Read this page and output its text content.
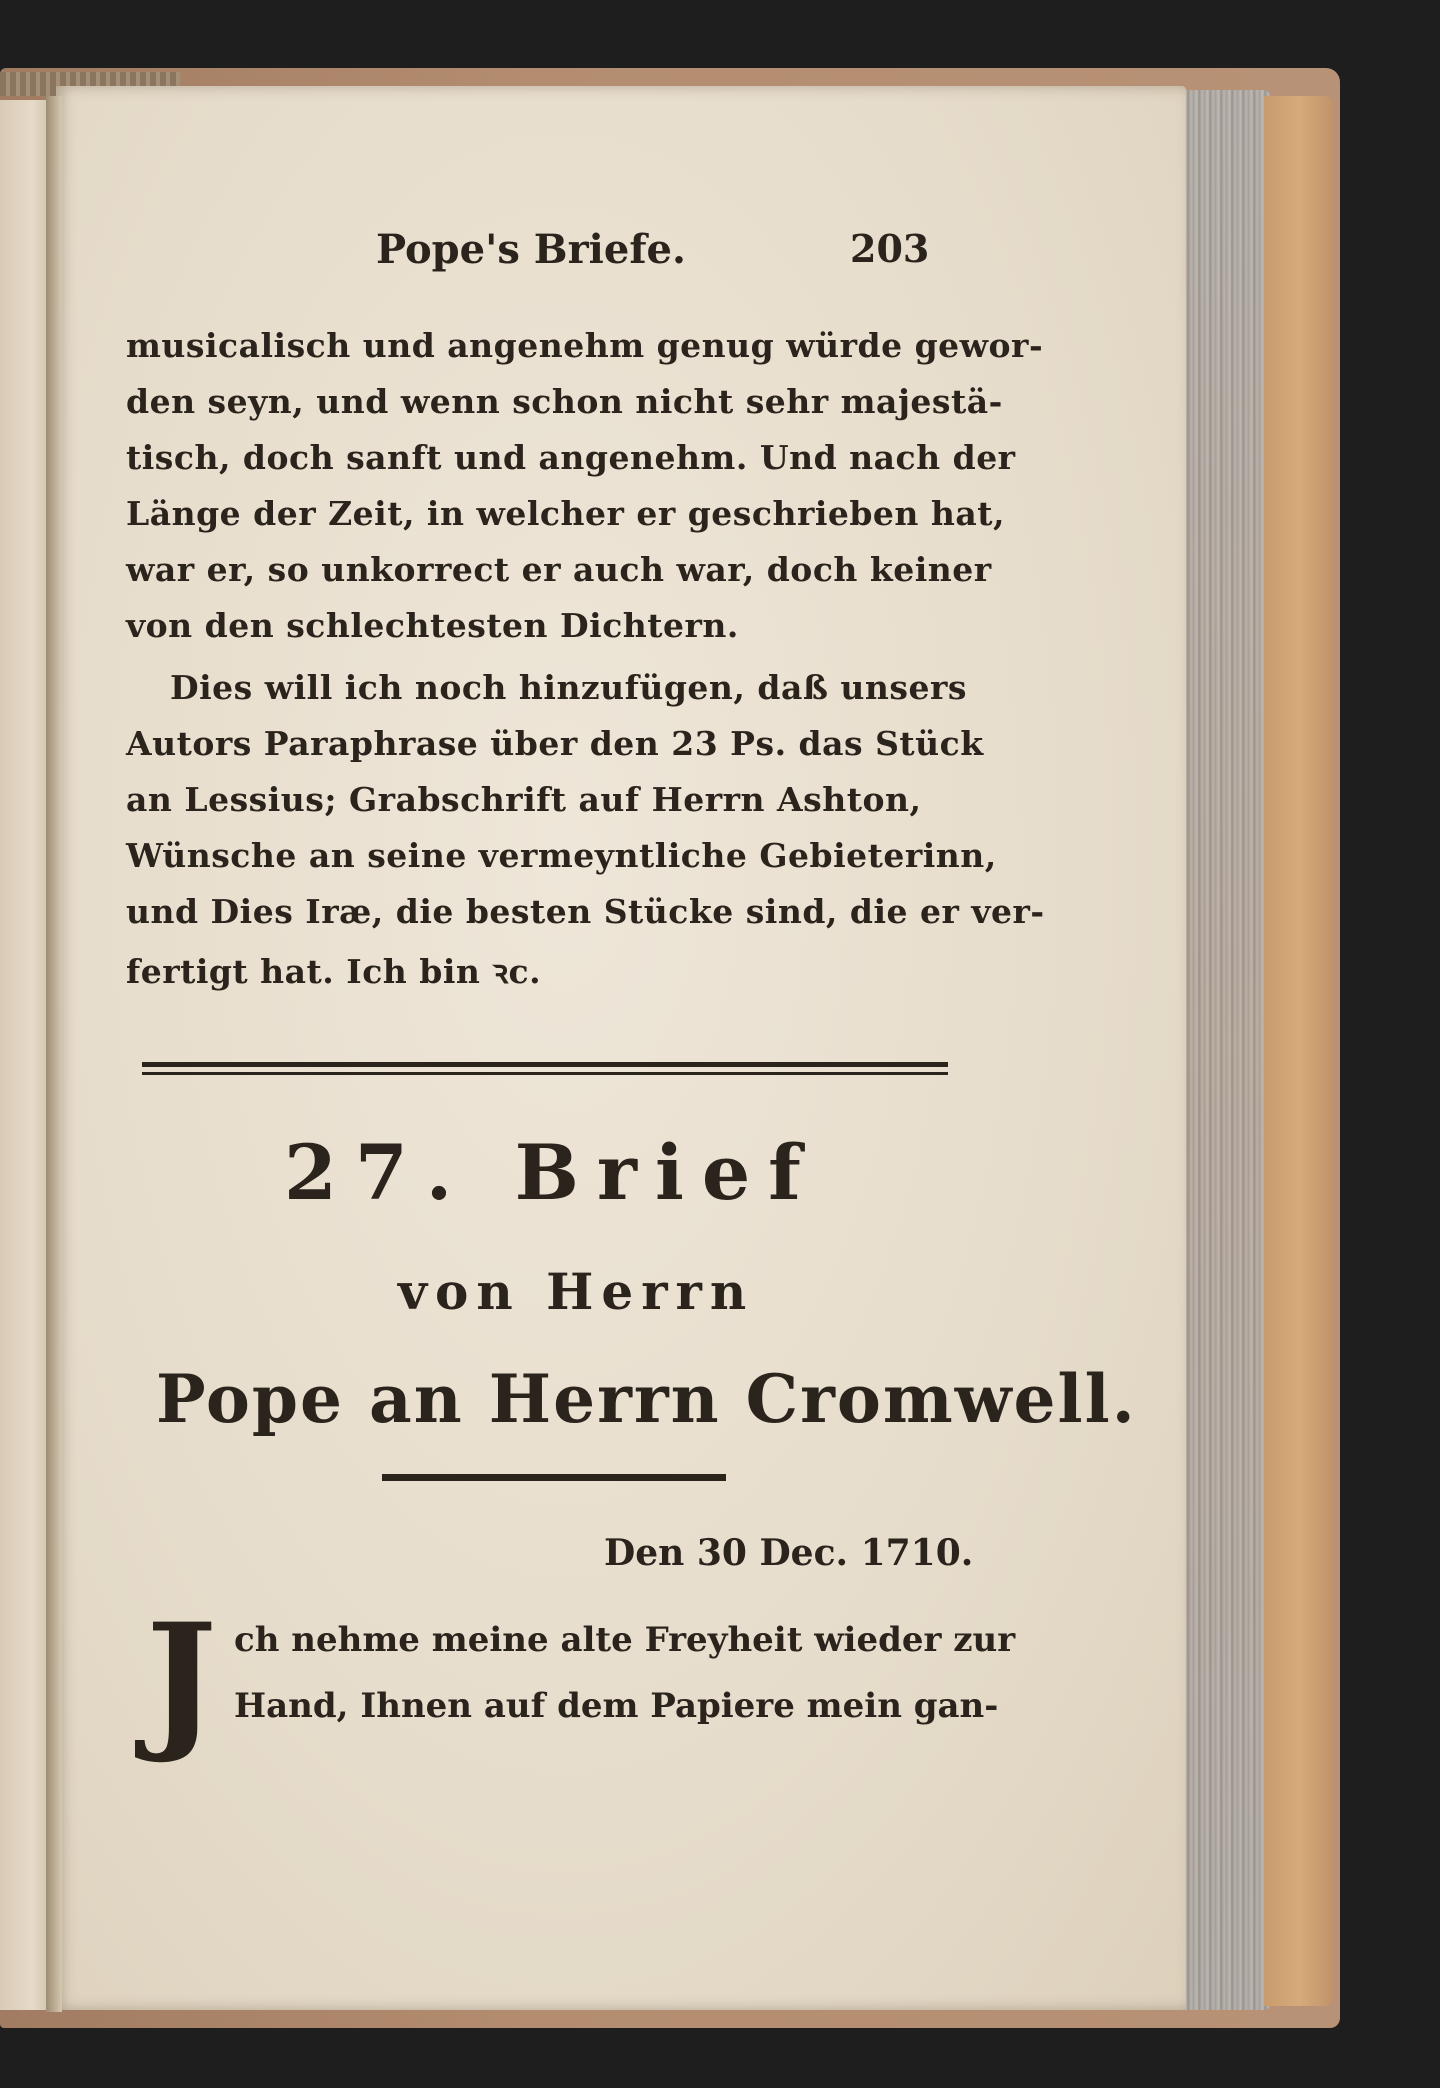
Pope's Briefe.	203
musicalisch und angenehm genug würde gewor-
den seyn, und wenn schon nicht sehr majestä-
tisch, doch sanft und angenehm. Und nach der
Länge der Zeit, in welcher er geschrieben hat,
war er, so unkorrect er auch war, doch keiner
von den schlechtesten Dichtern.
Dies will ich noch hinzufügen, daß unsers
Autors Paraphrase über den 23 Ps. das Stück
an Lessius; Grabschrift auf Herrn Ashton,
Wünsche an seine vermeyntliche Gebieterinn,
und Dies Iræ, die besten Stücke sind, die er ver-
fertigt hat. Ich bin ꝛc.
27. Brief
von Herrn
Pope an Herrn Cromwell.
Den 30 Dec. 1710.
J ch nehme meine alte Freyheit wieder zur
Hand, Ihnen auf dem Papiere mein gan-
